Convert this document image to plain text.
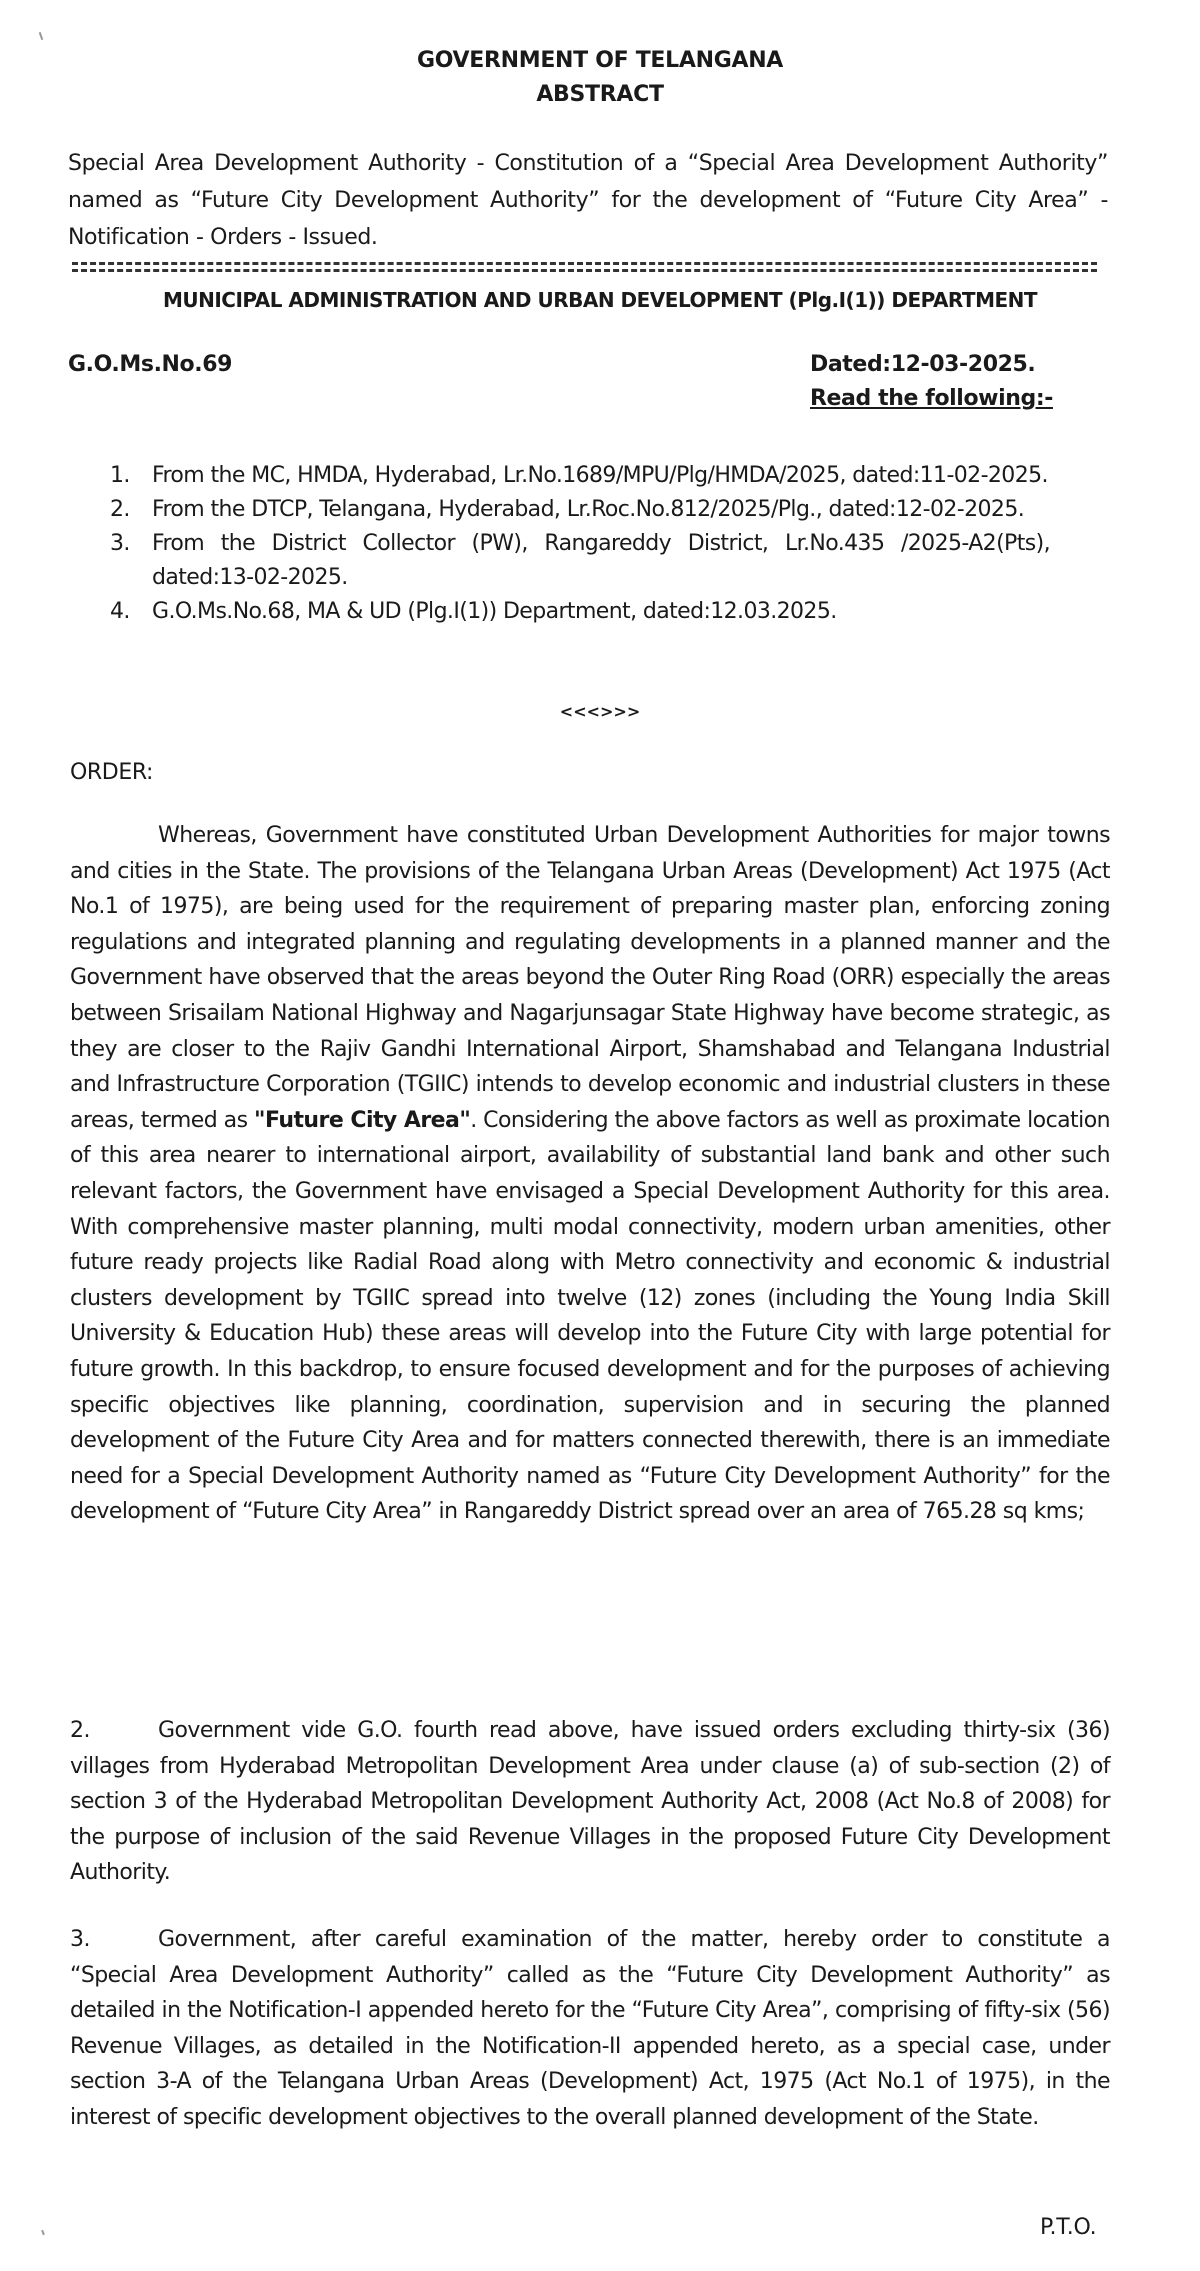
GOVERNMENT OF TELANGANA
ABSTRACT
Special Area Development Authority - Constitution of a “Special Area Development Authority” named as “Future City Development Authority” for the development of “Future City Area” - Notification - Orders - Issued.
MUNICIPAL ADMINISTRATION AND URBAN DEVELOPMENT (Plg.I(1)) DEPARTMENT
G.O.Ms.No.69	Dated:12-03-2025.
Read the following:-
1. From the MC, HMDA, Hyderabad, Lr.No.1689/MPU/Plg/HMDA/2025, dated:11-02-2025.
2. From the DTCP, Telangana, Hyderabad, Lr.Roc.No.812/2025/Plg., dated:12-02-2025.
3. From the District Collector (PW), Rangareddy District, Lr.No.435 /2025-A2(Pts), dated:13-02-2025.
4. G.O.Ms.No.68, MA & UD (Plg.I(1)) Department, dated:12.03.2025.
<<<>>>
ORDER:
Whereas, Government have constituted Urban Development Authorities for major towns and cities in the State. The provisions of the Telangana Urban Areas (Development) Act 1975 (Act No.1 of 1975), are being used for the requirement of preparing master plan, enforcing zoning regulations and integrated planning and regulating developments in a planned manner and the Government have observed that the areas beyond the Outer Ring Road (ORR) especially the areas between Srisailam National Highway and Nagarjunsagar State Highway have become strategic, as they are closer to the Rajiv Gandhi International Airport, Shamshabad and Telangana Industrial and Infrastructure Corporation (TGIIC) intends to develop economic and industrial clusters in these areas, termed as "Future City Area". Considering the above factors as well as proximate location of this area nearer to international airport, availability of substantial land bank and other such relevant factors, the Government have envisaged a Special Development Authority for this area. With comprehensive master planning, multi modal connectivity, modern urban amenities, other future ready projects like Radial Road along with Metro connectivity and economic & industrial clusters development by TGIIC spread into twelve (12) zones (including the Young India Skill University & Education Hub) these areas will develop into the Future City with large potential for future growth. In this backdrop, to ensure focused development and for the purposes of achieving specific objectives like planning, coordination, supervision and in securing the planned development of the Future City Area and for matters connected therewith, there is an immediate need for a Special Development Authority named as “Future City Development Authority” for the development of “Future City Area” in Rangareddy District spread over an area of 765.28 sq kms;
2.	Government vide G.O. fourth read above, have issued orders excluding thirty-six (36) villages from Hyderabad Metropolitan Development Area under clause (a) of sub-section (2) of section 3 of the Hyderabad Metropolitan Development Authority Act, 2008 (Act No.8 of 2008) for the purpose of inclusion of the said Revenue Villages in the proposed Future City Development Authority.
3.	Government, after careful examination of the matter, hereby order to constitute a “Special Area Development Authority” called as the “Future City Development Authority” as detailed in the Notification-I appended hereto for the “Future City Area”, comprising of fifty-six (56) Revenue Villages, as detailed in the Notification-II appended hereto, as a special case, under section 3-A of the Telangana Urban Areas (Development) Act, 1975 (Act No.1 of 1975), in the interest of specific development objectives to the overall planned development of the State.
P.T.O.
